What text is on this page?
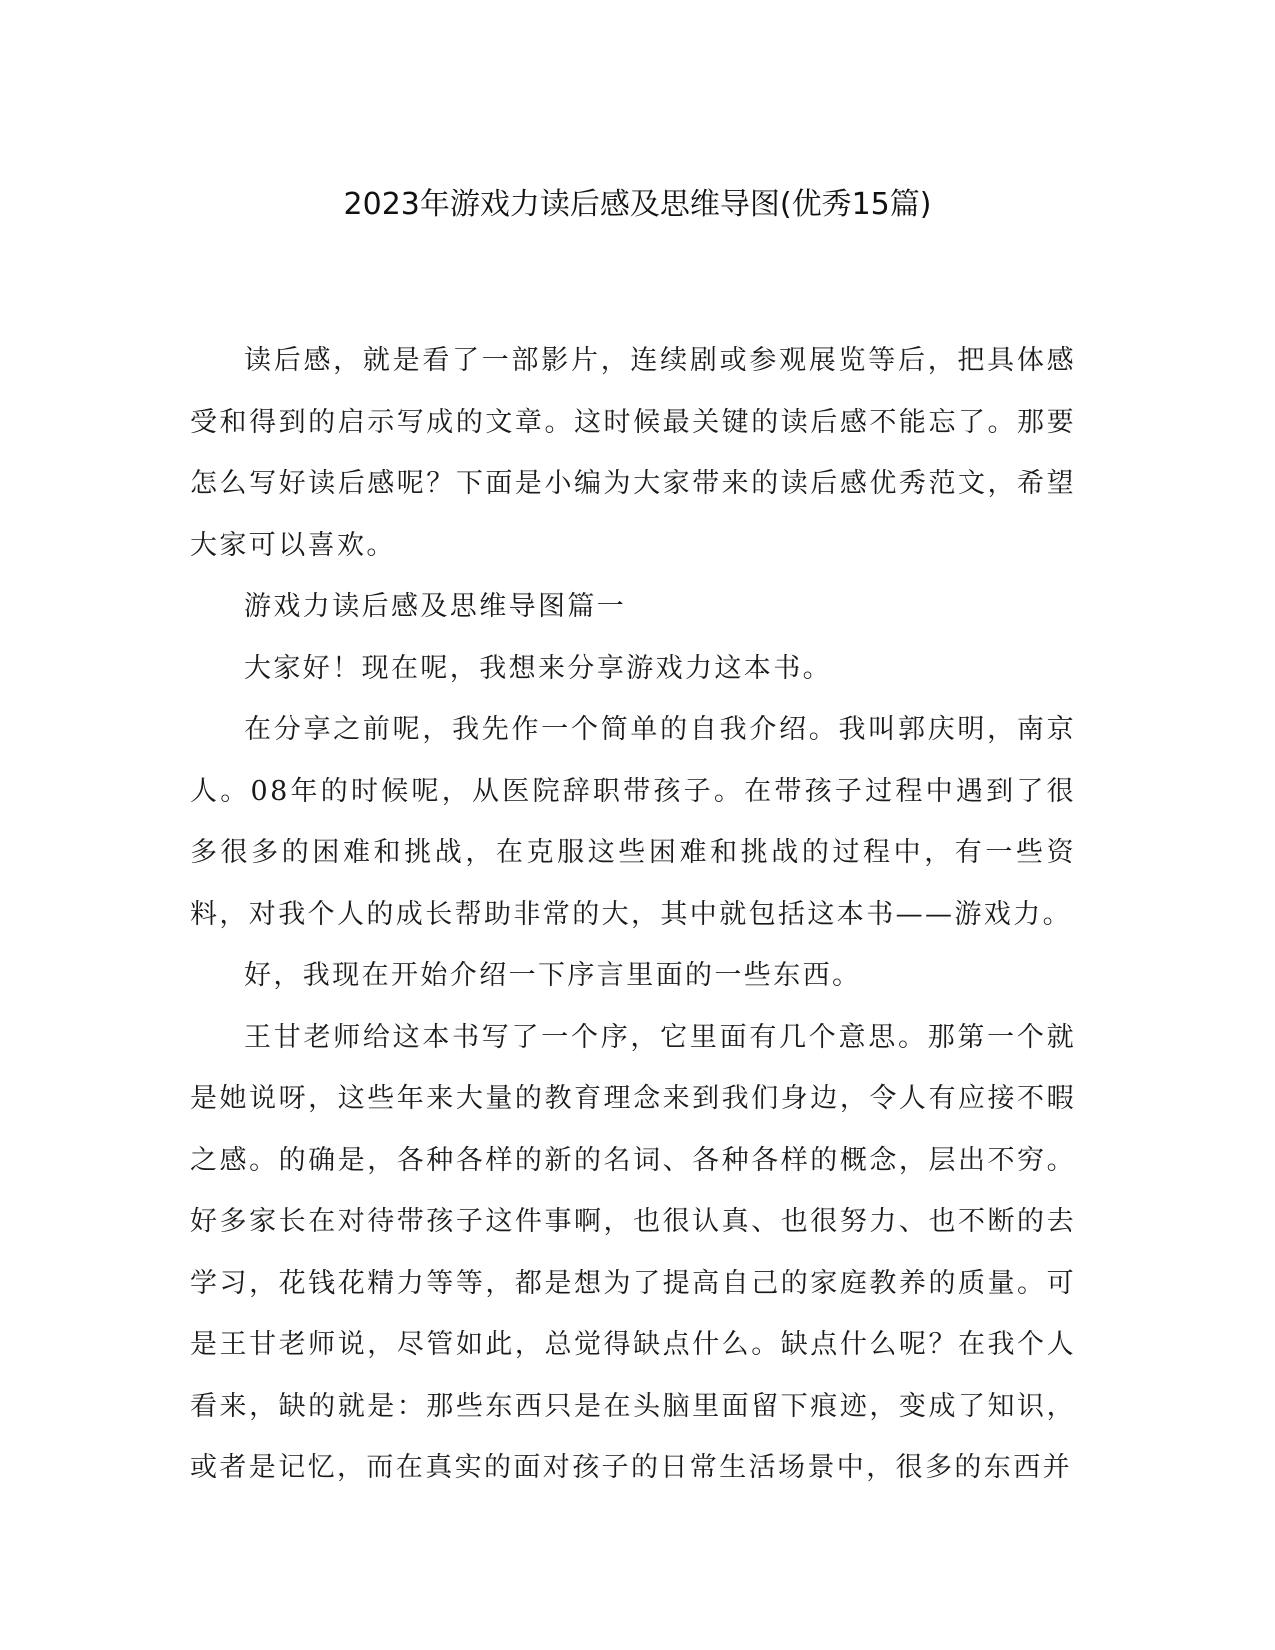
2023年游戏力读后感及思维导图(优秀15篇)

读后感，就是看了一部影片，连续剧或参观展览等后，把具体感受和得到的启示写成的文章。这时候最关键的读后感不能忘了。那要怎么写好读后感呢？下面是小编为大家带来的读后感优秀范文，希望大家可以喜欢。

游戏力读后感及思维导图篇一

大家好！现在呢，我想来分享游戏力这本书。

在分享之前呢，我先作一个简单的自我介绍。我叫郭庆明，南京人。08年的时候呢，从医院辞职带孩子。在带孩子过程中遇到了很多很多的困难和挑战，在克服这些困难和挑战的过程中，有一些资料，对我个人的成长帮助非常的大，其中就包括这本书——游戏力。

好，我现在开始介绍一下序言里面的一些东西。

王甘老师给这本书写了一个序，它里面有几个意思。那第一个就是她说呀，这些年来大量的教育理念来到我们身边，令人有应接不暇之感。的确是，各种各样的新的名词、各种各样的概念，层出不穷。好多家长在对待带孩子这件事啊，也很认真、也很努力、也不断的去学习，花钱花精力等等，都是想为了提高自己的家庭教养的质量。可是王甘老师说，尽管如此，总觉得缺点什么。缺点什么呢？在我个人看来，缺的就是：那些东西只是在头脑里面留下痕迹，变成了知识，或者是记忆，而在真实的面对孩子的日常生活场景中，很多的东西并
